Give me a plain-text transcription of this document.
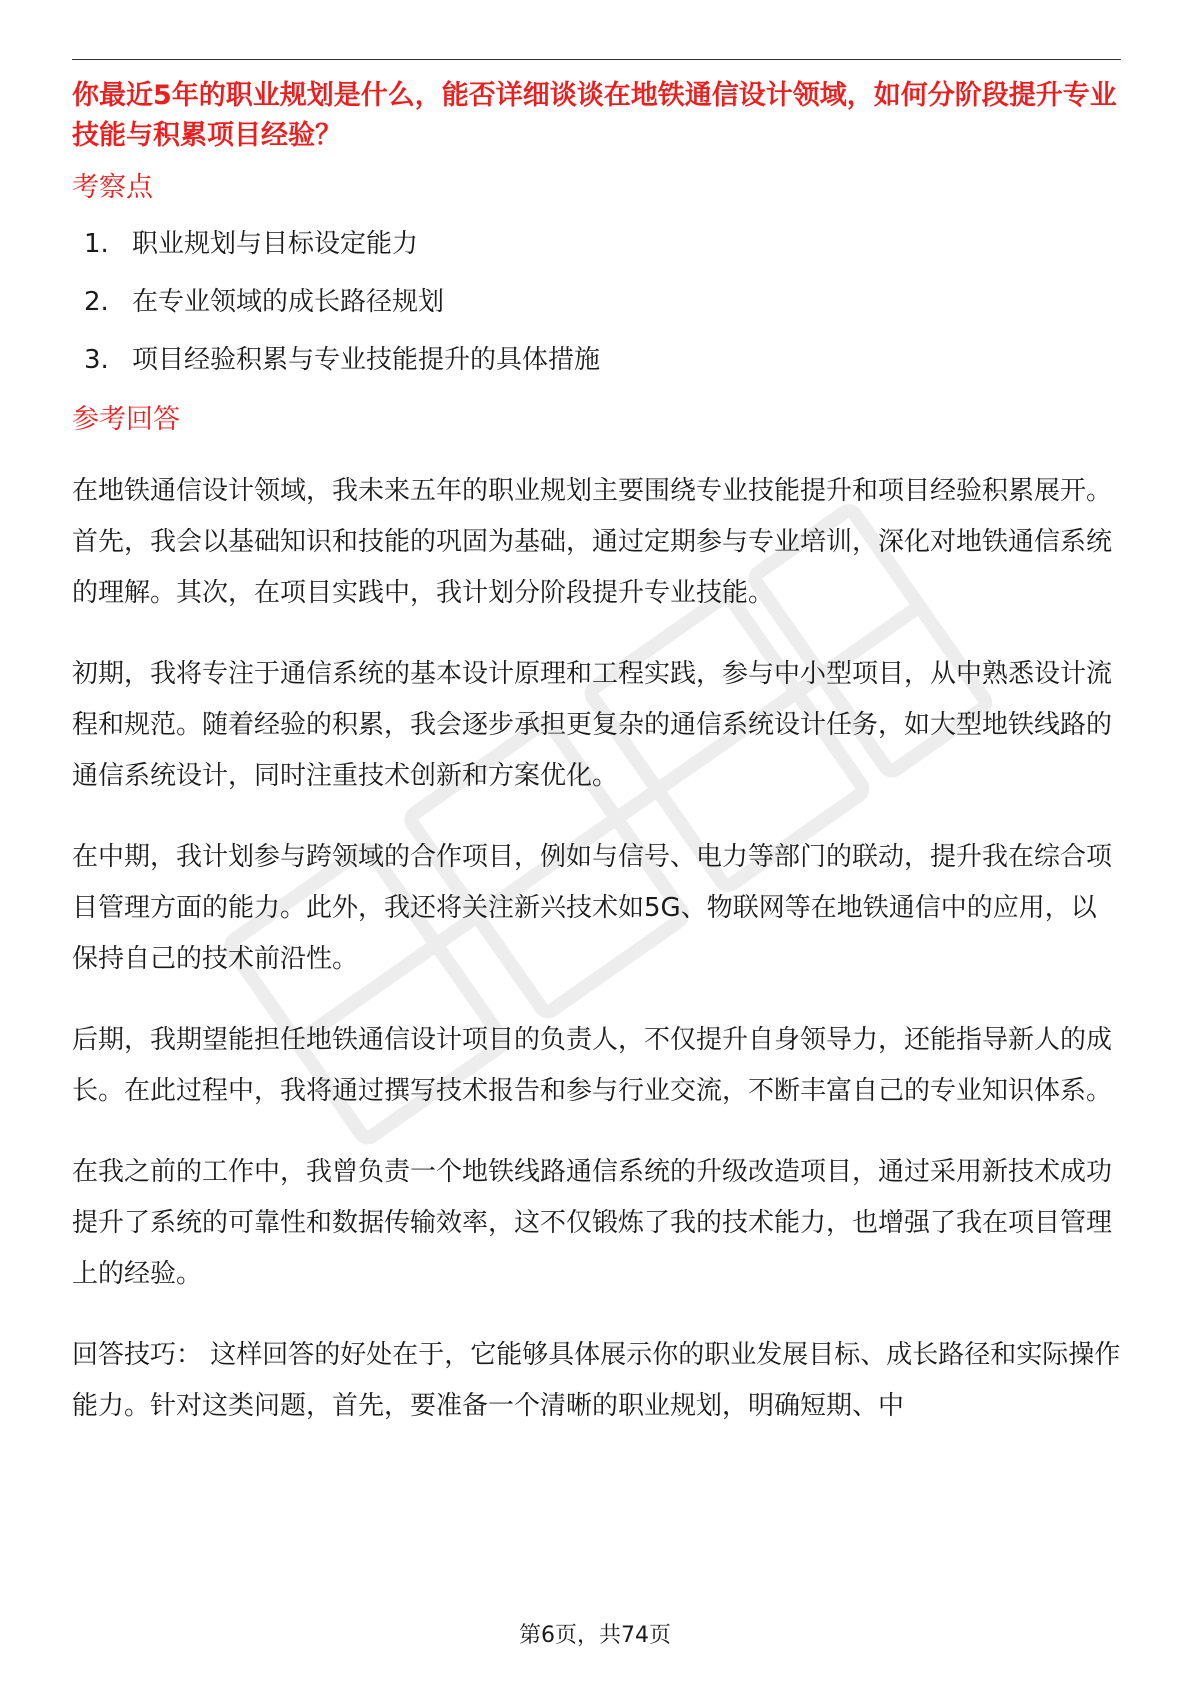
你最近5年的职业规划是什么，能否详细谈谈在地铁通信设计领域，如何分阶段提升专业技能与积累项目经验？

考察点
1. 职业规划与目标设定能力
2. 在专业领域的成长路径规划
3. 项目经验积累与专业技能提升的具体措施
参考回答

在地铁通信设计领域，我未来五年的职业规划主要围绕专业技能提升和项目经验积累展开。首先，我会以基础知识和技能的巩固为基础，通过定期参与专业培训，深化对地铁通信系统的理解。其次，在项目实践中，我计划分阶段提升专业技能。

初期，我将专注于通信系统的基本设计原理和工程实践，参与中小型项目，从中熟悉设计流程和规范。随着经验的积累，我会逐步承担更复杂的通信系统设计任务，如大型地铁线路的通信系统设计，同时注重技术创新和方案优化。

在中期，我计划参与跨领域的合作项目，例如与信号、电力等部门的联动，提升我在综合项目管理方面的能力。此外，我还将关注新兴技术如5G、物联网等在地铁通信中的应用，以保持自己的技术前沿性。

后期，我期望能担任地铁通信设计项目的负责人，不仅提升自身领导力，还能指导新人的成长。在此过程中，我将通过撰写技术报告和参与行业交流，不断丰富自己的专业知识体系。

在我之前的工作中，我曾负责一个地铁线路通信系统的升级改造项目，通过采用新技术成功提升了系统的可靠性和数据传输效率，这不仅锻炼了我的技术能力，也增强了我在项目管理上的经验。

回答技巧： 这样回答的好处在于，它能够具体展示你的职业发展目标、成长路径和实际操作能力。针对这类问题，首先，要准备一个清晰的职业规划，明确短期、中

第6页，共74页
